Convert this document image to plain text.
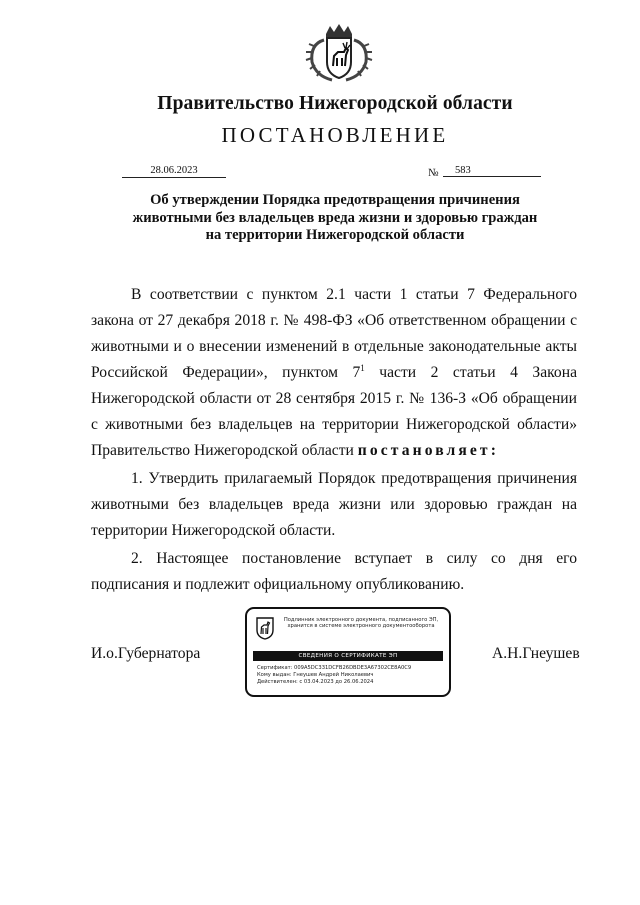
Правительство Нижегородской области
ПОСТАНОВЛЕНИЕ
28.06.2023	№	583
Об утверждении Порядка предотвращения причинения
животными без владельцев вреда жизни и здоровью граждан
на территории Нижегородской области

В соответствии с пунктом 2.1 части 1 статьи 7 Федерального закона от 27 декабря 2018 г. № 498-ФЗ «Об ответственном обращении с животными и о внесении изменений в отдельные законодательные акты Российской Федерации», пунктом $7^1$ части 2 статьи 4 Закона Нижегородской области от 28 сентября 2015 г. № 136-З «Об обращении с животными без владельцев на территории Нижегородской области» Правительство Нижегородской области постановляет:

1. Утвердить прилагаемый Порядок предотвращения причинения животными без владельцев вреда жизни или здоровью граждан на территории Нижегородской области.

2. Настоящее постановление вступает в силу со дня его подписания и подлежит официальному опубликованию.

И.о.Губернатора
Подлинник электронного документа, подписанного ЭП, хранится в системе электронного документооборота
СВЕДЕНИЯ О СЕРТИФИКАТЕ ЭП
Сертификат: 009A5DC331DCFB26DBDE3A67302CE8A0C9
Кому выдан: Гнеушев Андрей Николаевич
Действителен: с 03.04.2023 до 26.06.2024
А.Н.Гнеушев
